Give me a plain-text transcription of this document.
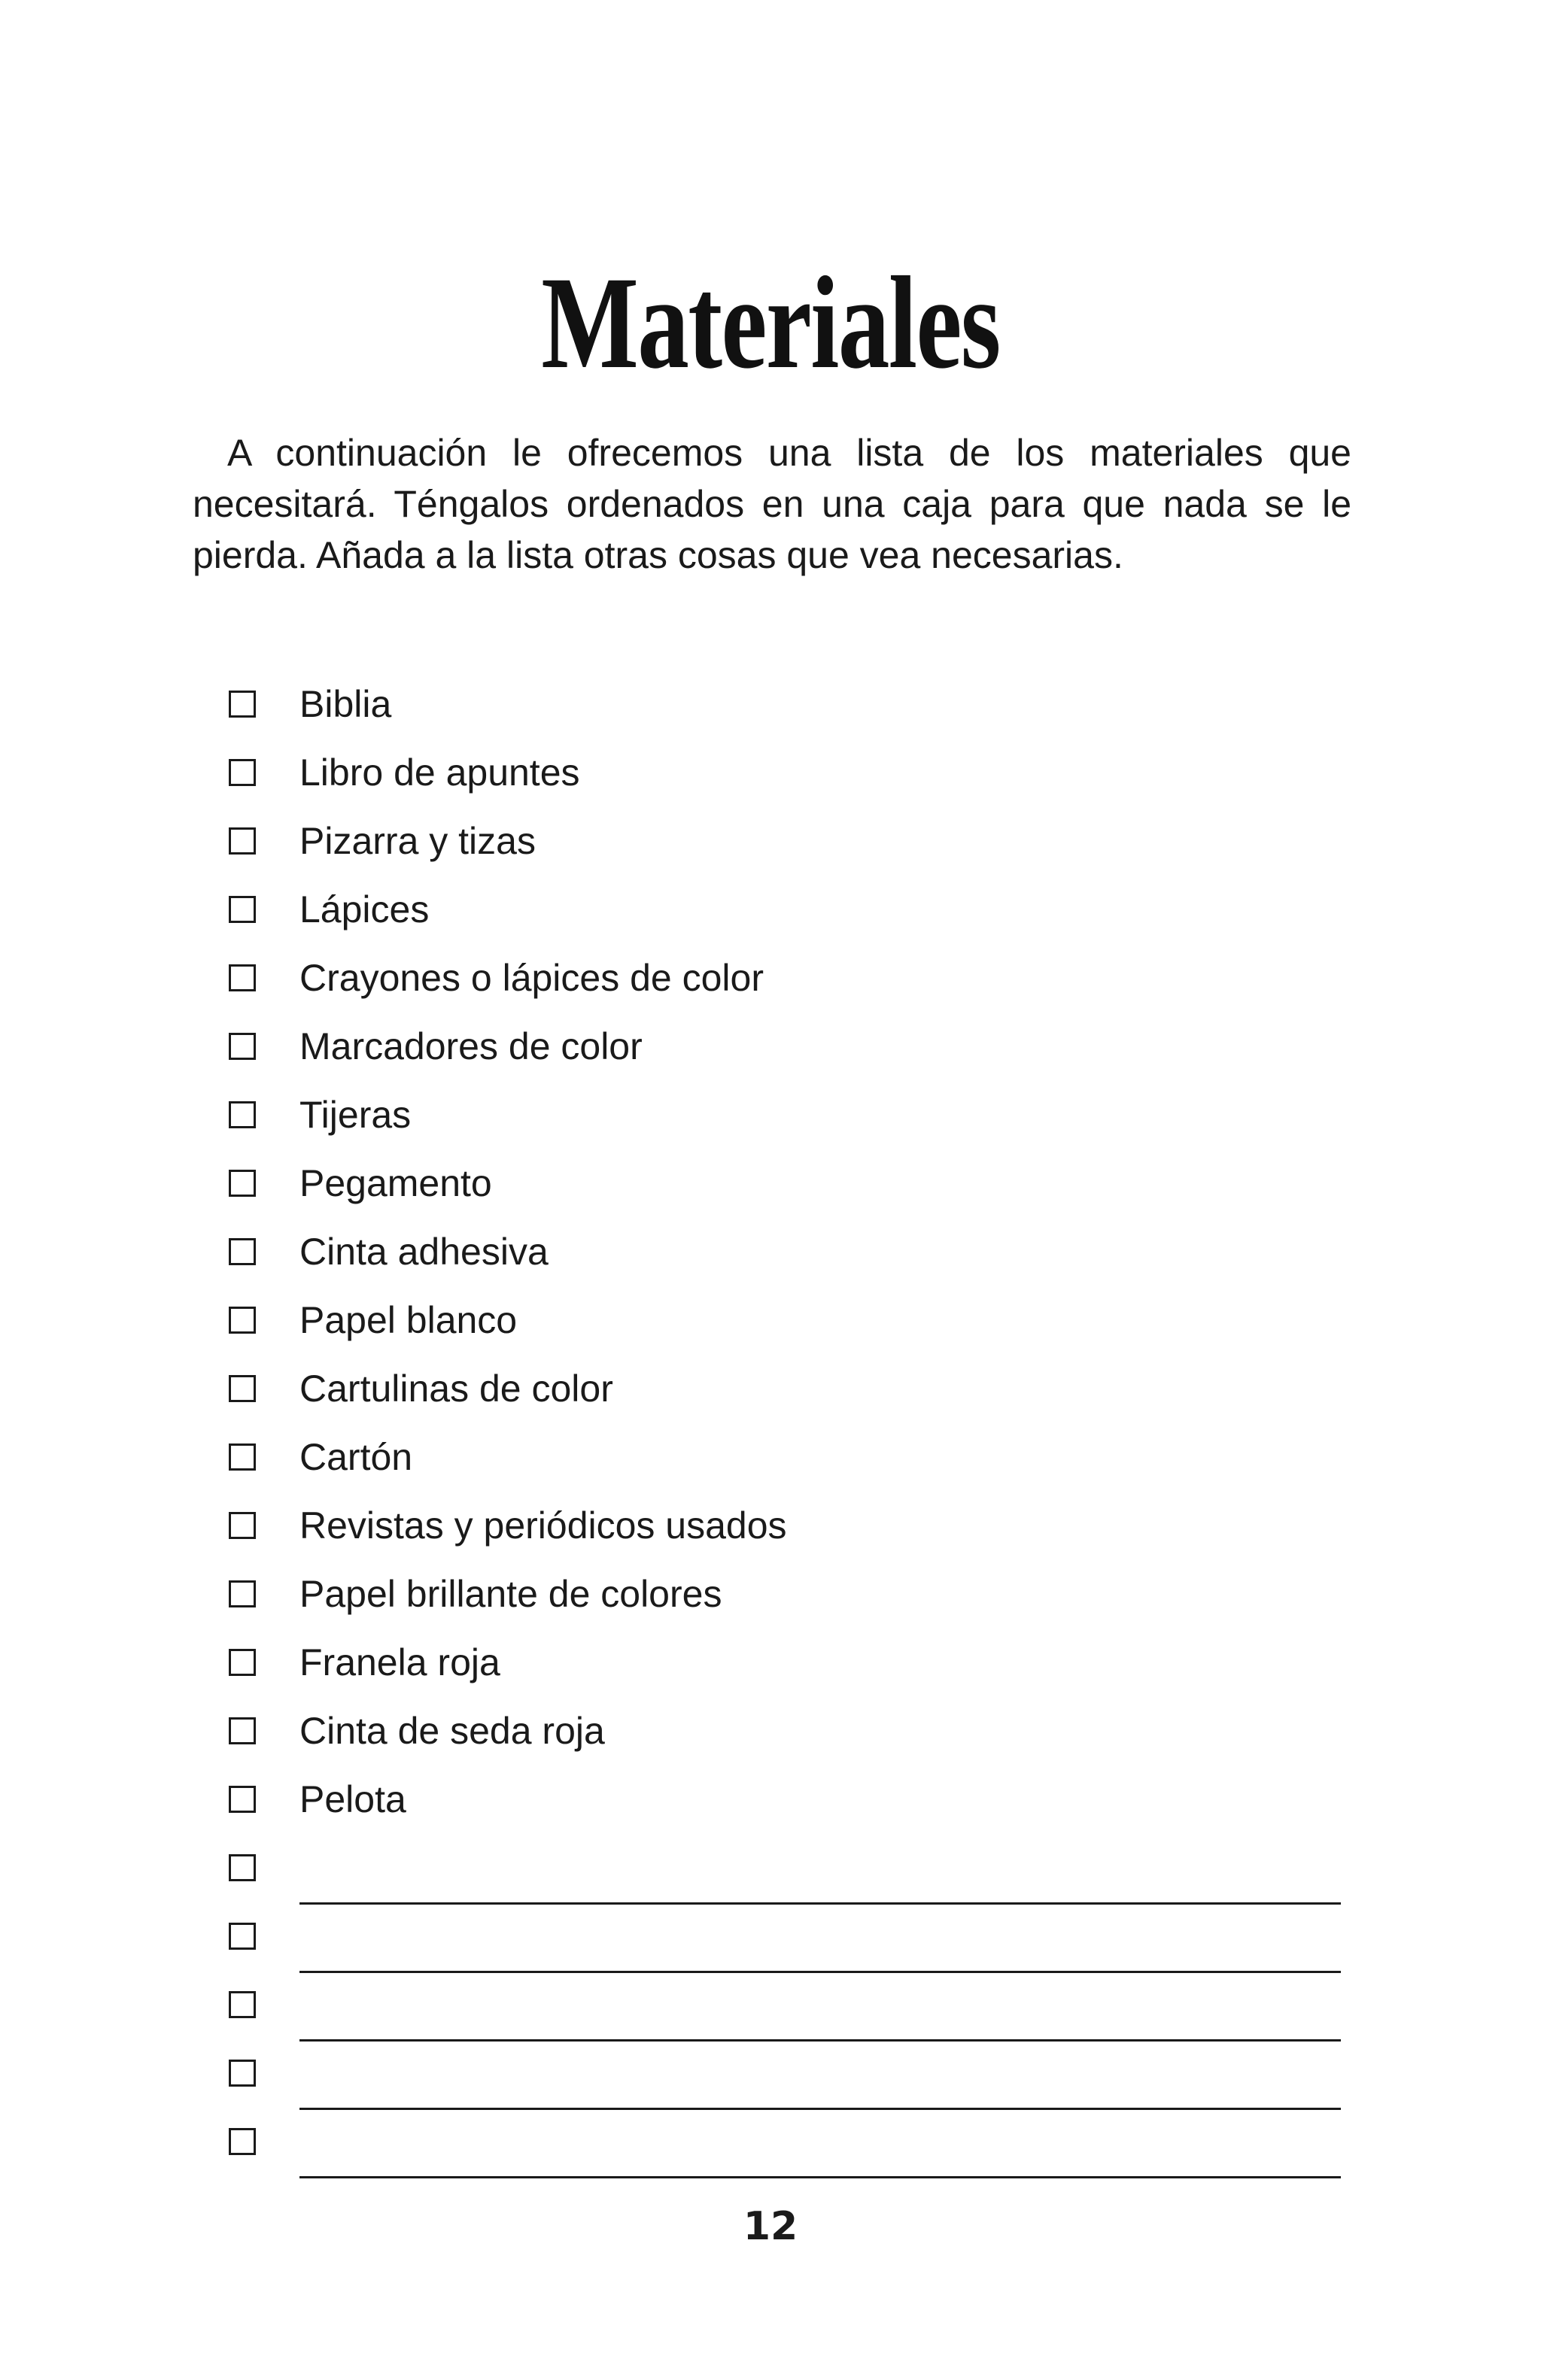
Materiales

A continuación le ofrecemos una lista de los materiales que necesitará. Téngalos ordenados en una caja para que nada se le pierda. Añada a la lista otras cosas que vea necesarias.

Biblia
Libro de apuntes
Pizarra y tizas
Lápices
Crayones o lápices de color
Marcadores de color
Tijeras
Pegamento
Cinta adhesiva
Papel blanco
Cartulinas de color
Cartón
Revistas y periódicos usados
Papel brillante de colores
Franela roja
Cinta de seda roja
Pelota
12
